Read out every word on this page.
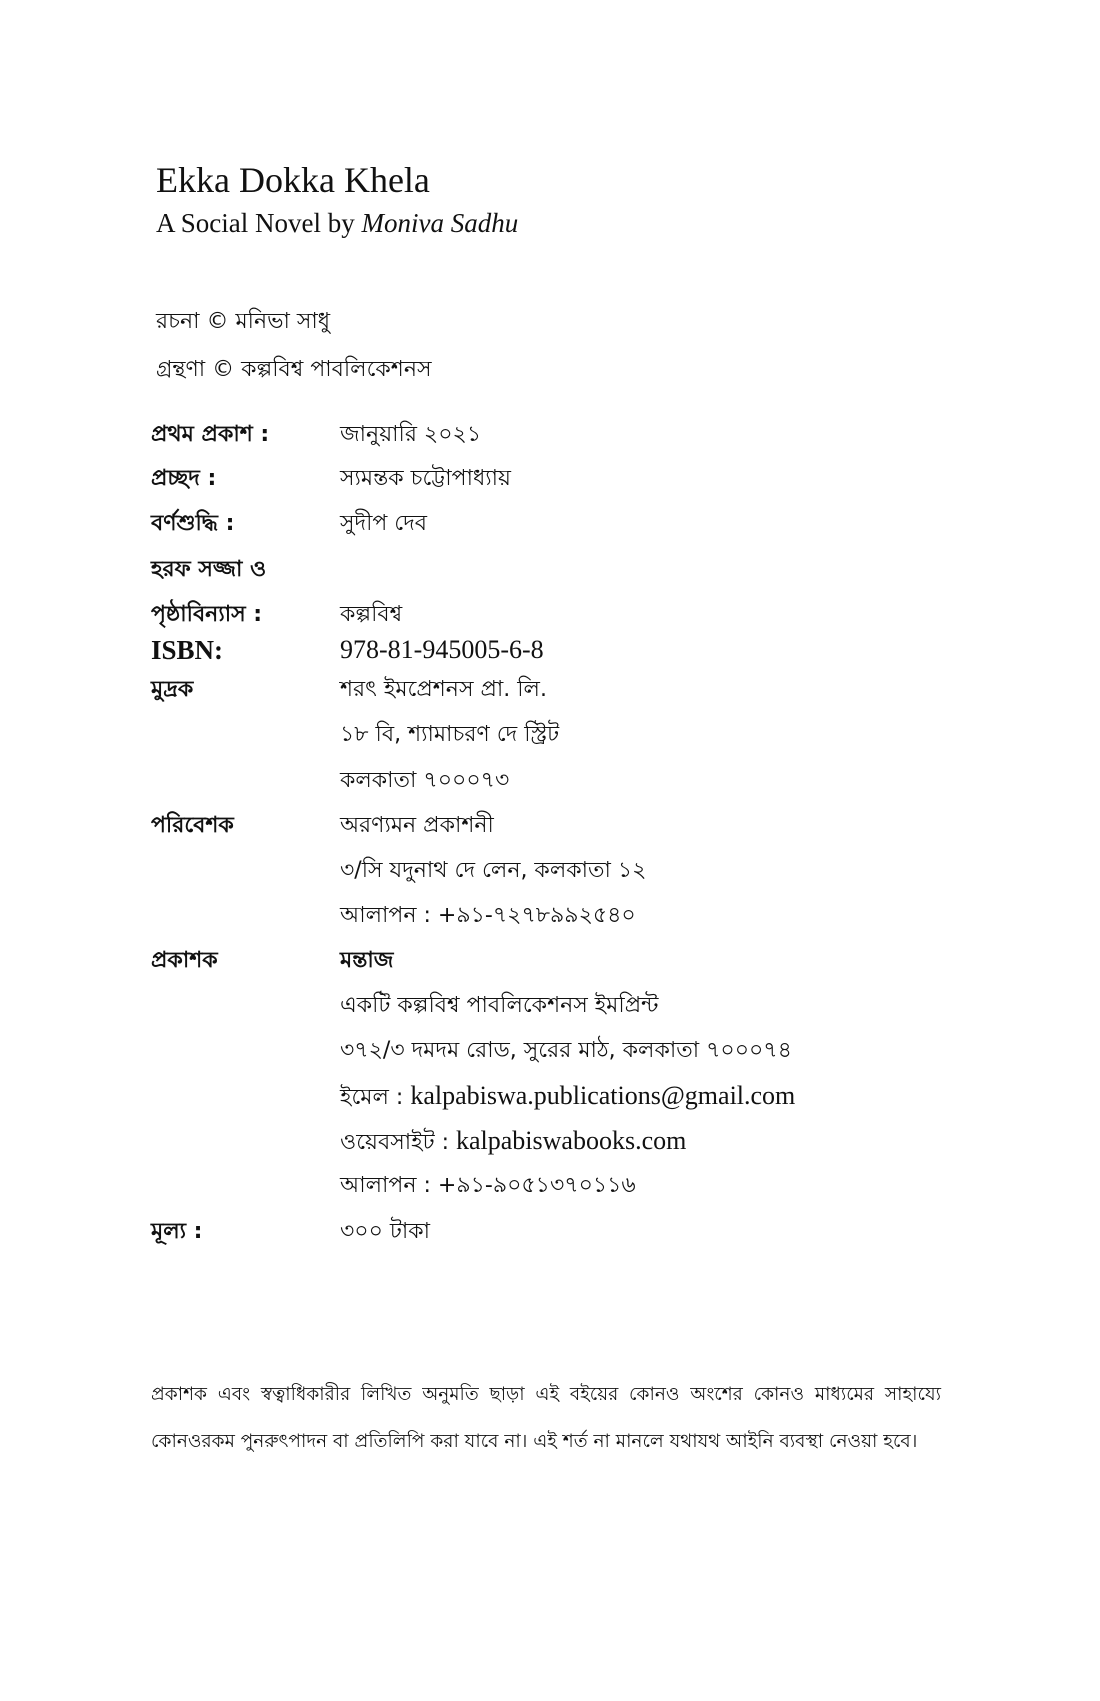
Ekka Dokka Khela
A Social Novel by Moniva Sadhu
রচনা © মনিভা সাধু
গ্রন্থণা © কল্পবিশ্ব পাবলিকেশনস
প্রথম প্রকাশ :	জানুয়ারি ২০২১
প্রচ্ছদ :	স্যমন্তক চট্টোপাধ্যায়
বর্ণশুদ্ধি :	সুদীপ দেব
হরফ সজ্জা ও
পৃষ্ঠাবিন্যাস :	কল্পবিশ্ব
ISBN:	978-81-945005-6-8
মুদ্রক	শরৎ ইমপ্রেশনস প্রা. লি.
১৮ বি, শ্যামাচরণ দে স্ট্রিট
কলকাতা ৭০০০৭৩
পরিবেশক	অরণ্যমন প্রকাশনী
৩/সি যদুনাথ দে লেন, কলকাতা ১২
আলাপন : +৯১-৭২৭৮৯৯২৫৪০
প্রকাশক	মন্তাজ
একটি কল্পবিশ্ব পাবলিকেশনস ইমপ্রিন্ট
৩৭২/৩ দমদম রোড, সুরের মাঠ, কলকাতা ৭০০০৭৪
ইমেল : kalpabiswa.publications@gmail.com
ওয়েবসাইট : kalpabiswabooks.com
আলাপন : +৯১-৯০৫১৩৭০১১৬
মূল্য :	৩০০ টাকা
প্রকাশক এবং স্বত্বাধিকারীর লিখিত অনুমতি ছাড়া এই বইয়ের কোনও অংশের কোনও মাধ্যমের সাহায্যে কোনওরকম পুনরুৎপাদন বা প্রতিলিপি করা যাবে না। এই শর্ত না মানলে যথাযথ আইনি ব্যবস্থা নেওয়া হবে।
